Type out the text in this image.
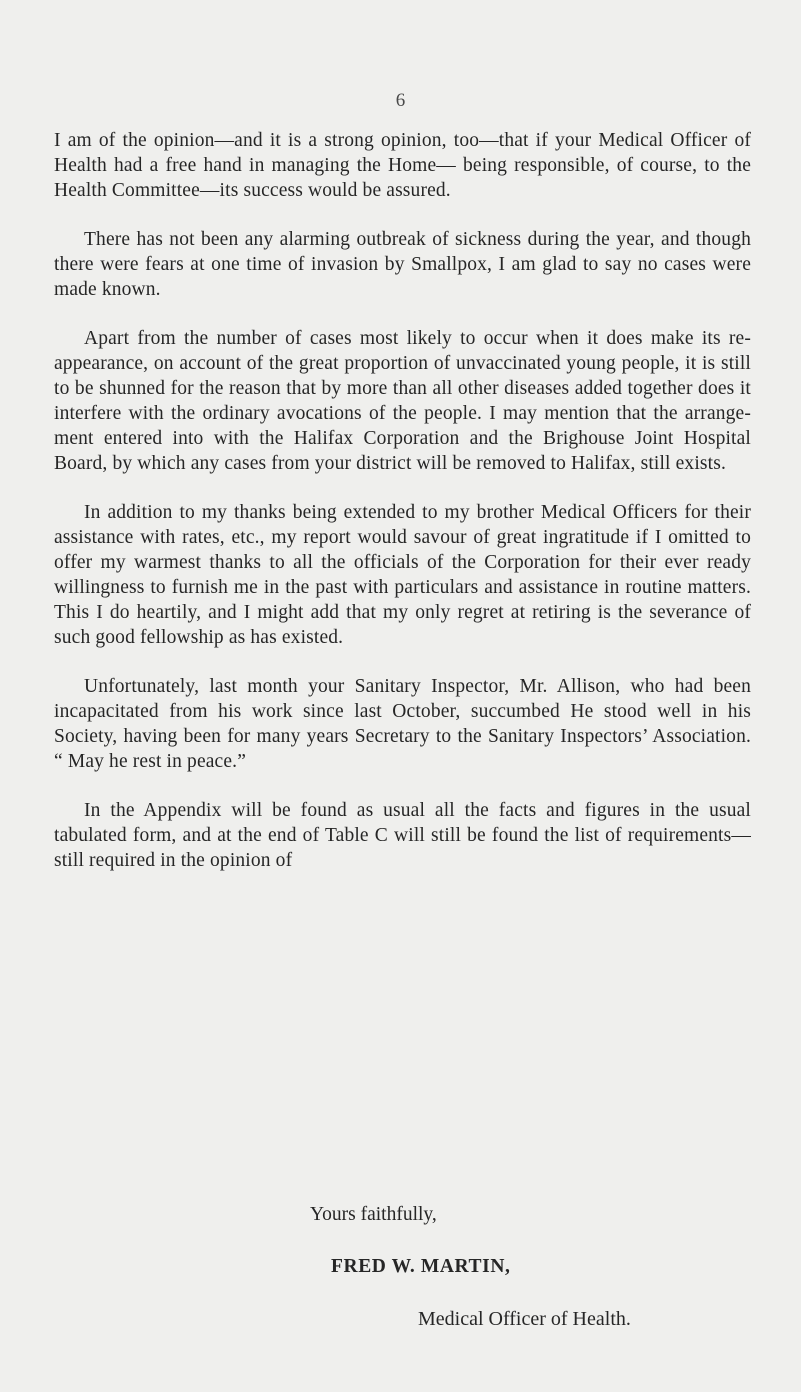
6

I am of the opinion—and it is a strong opinion, too—that if your Medical Officer of Health had a free hand in managing the Home— being responsible, of course, to the Health Committee—its success would be assured.

There has not been any alarming outbreak of sickness during the year, and though there were fears at one time of invasion by Smallpox, I am glad to say no cases were made known.

Apart from the number of cases most likely to occur when it does make its re-appearance, on account of the great proportion of unvaccinated young people, it is still to be shunned for the reason that by more than all other diseases added together does it interfere with the ordinary avocations of the people. I may mention that the arrange- ment entered into with the Halifax Corporation and the Brighouse Joint Hospital Board, by which any cases from your district will be removed to Halifax, still exists.

In addition to my thanks being extended to my brother Medical Officers for their assistance with rates, etc., my report would savour of great ingratitude if I omitted to offer my warmest thanks to all the officials of the Corporation for their ever ready willingness to furnish me in the past with particulars and assistance in routine matters. This I do heartily, and I might add that my only regret at retiring is the severance of such good fellowship as has existed.

Unfortunately, last month your Sanitary Inspector, Mr. Allison, who had been incapacitated from his work since last October, succumbed He stood well in his Society, having been for many years Secretary to the Sanitary Inspectors’ Association. “ May he rest in peace.”

In the Appendix will be found as usual all the facts and figures in the usual tabulated form, and at the end of Table C will still be found the list of requirements—still required in the opinion of

Yours faithfully,
FRED W. MARTIN,
Medical Officer of Health.
